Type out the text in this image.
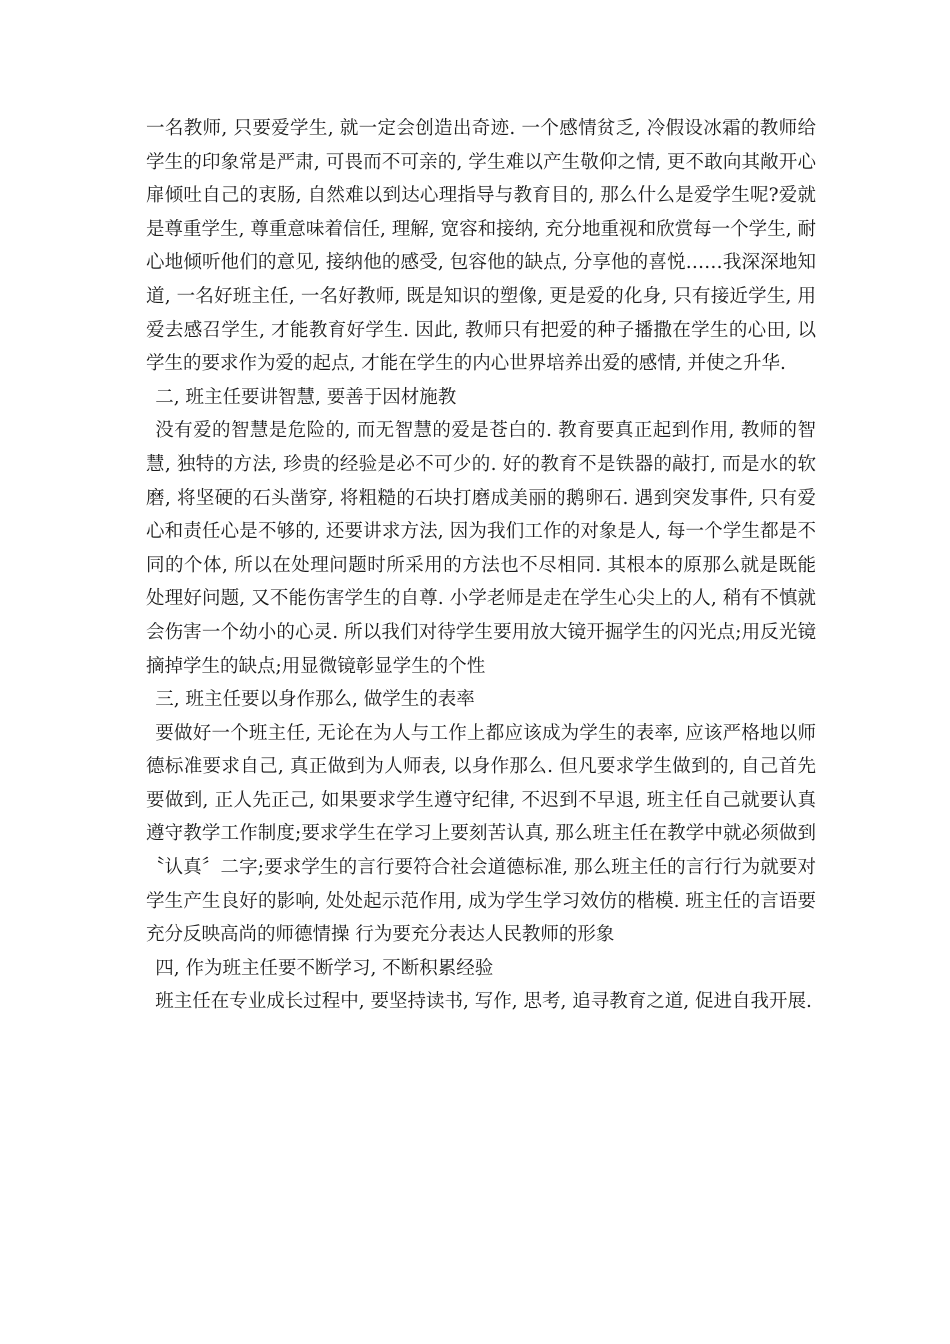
一名教师, 只要爱学生, 就一定会创造出奇迹. 一个感情贫乏, 冷假设冰霜的教师给学生的印象常是严肃, 可畏而不可亲的, 学生难以产生敬仰之情, 更不敢向其敞开心扉倾吐自己的衷肠, 自然难以到达心理指导与教育目的, 那么什么是爱学生呢?爱就是尊重学生, 尊重意味着信任, 理解, 宽容和接纳, 充分地重视和欣赏每一个学生, 耐心地倾听他们的意见, 接纳他的感受, 包容他的缺点, 分享他的喜悦……我深深地知道, 一名好班主任, 一名好教师, 既是知识的塑像, 更是爱的化身, 只有接近学生, 用爱去感召学生, 才能教育好学生. 因此, 教师只有把爱的种子播撒在学生的心田, 以学生的要求作为爱的起点, 才能在学生的内心世界培养出爱的感情, 并使之升华.

二, 班主任要讲智慧, 要善于因材施教

没有爱的智慧是危险的, 而无智慧的爱是苍白的. 教育要真正起到作用, 教师的智慧, 独特的方法, 珍贵的经验是必不可少的. 好的教育不是铁器的敲打, 而是水的软磨, 将坚硬的石头凿穿, 将粗糙的石块打磨成美丽的鹅卵石. 遇到突发事件, 只有爱心和责任心是不够的, 还要讲求方法, 因为我们工作的对象是人, 每一个学生都是不同的个体, 所以在处理问题时所采用的方法也不尽相同. 其根本的原那么就是既能处理好问题, 又不能伤害学生的自尊. 小学老师是走在学生心尖上的人, 稍有不慎就会伤害一个幼小的心灵. 所以我们对待学生要用放大镜开掘学生的闪光点;用反光镜摘掉学生的缺点;用显微镜彰显学生的个性

三, 班主任要以身作那么, 做学生的表率

要做好一个班主任, 无论在为人与工作上都应该成为学生的表率, 应该严格地以师德标准要求自己, 真正做到为人师表, 以身作那么. 但凡要求学生做到的, 自己首先要做到, 正人先正己, 如果要求学生遵守纪律, 不迟到不早退, 班主任自己就要认真遵守教学工作制度;要求学生在学习上要刻苦认真, 那么班主任在教学中就必须做到〝认真〞二字;要求学生的言行要符合社会道德标准, 那么班主任的言行行为就要对学生产生良好的影响, 处处起示范作用, 成为学生学习效仿的楷模. 班主任的言语要充分反映高尚的师德情操 行为要充分表达人民教师的形象

四, 作为班主任要不断学习, 不断积累经验

班主任在专业成长过程中, 要坚持读书, 写作, 思考, 追寻教育之道, 促进自我开展.
